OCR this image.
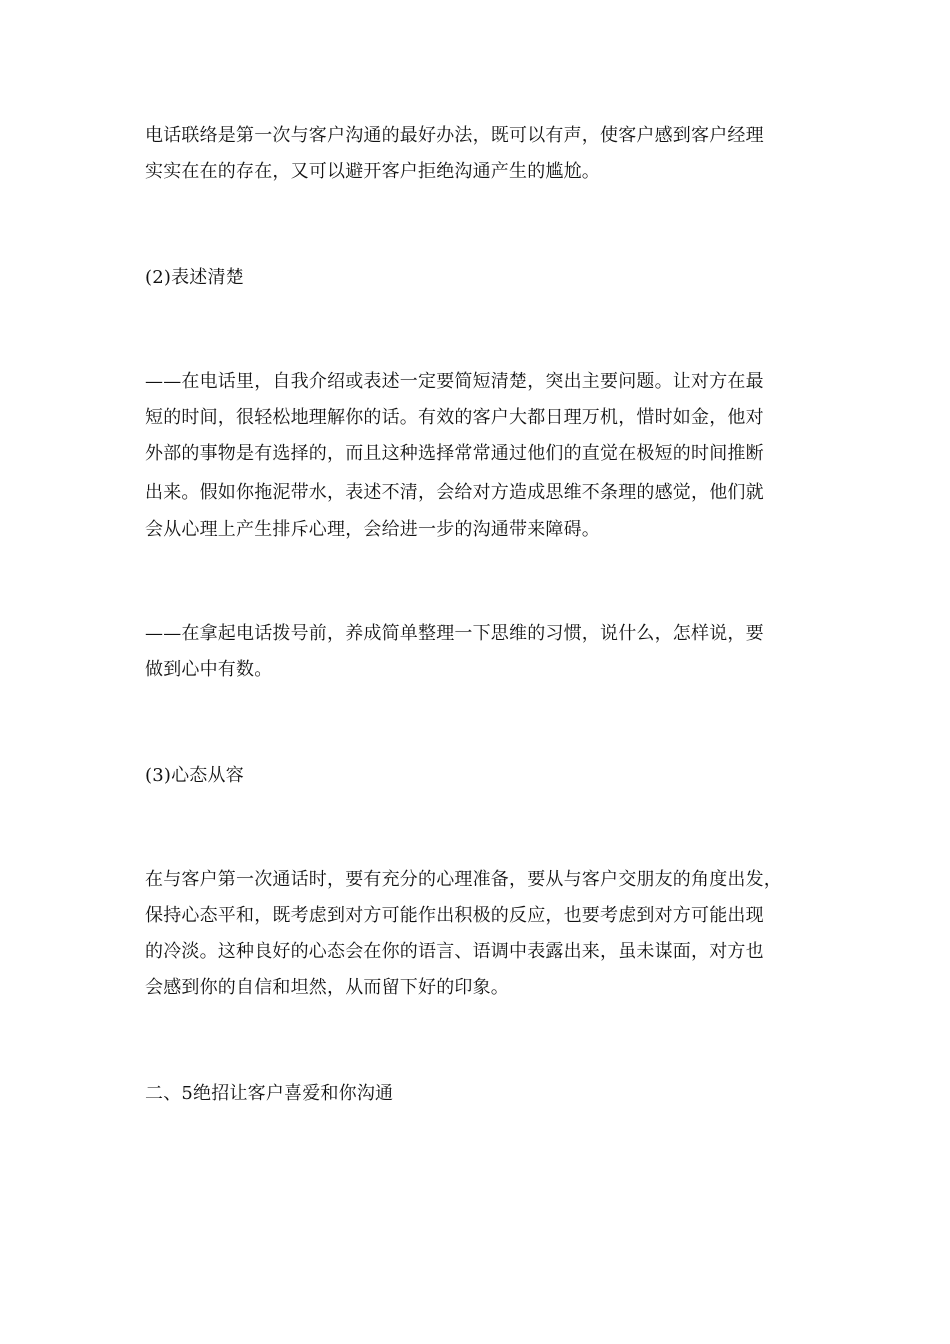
电话联络是第一次与客户沟通的最好办法，既可以有声，使客户感到客户经理
实实在在的存在，又可以避开客户拒绝沟通产生的尴尬。
(2)表述清楚
——在电话里，自我介绍或表述一定要简短清楚，突出主要问题。让对方在最
短的时间，很轻松地理解你的话。有效的客户大都日理万机，惜时如金，他对
外部的事物是有选择的，而且这种选择常常通过他们的直觉在极短的时间推断
出来。假如你拖泥带水，表述不清，会给对方造成思维不条理的感觉，他们就
会从心理上产生排斥心理，会给进一步的沟通带来障碍。
——在拿起电话拨号前，养成简单整理一下思维的习惯，说什么，怎样说，要
做到心中有数。
(3)心态从容
在与客户第一次通话时，要有充分的心理准备，要从与客户交朋友的角度出发，
保持心态平和，既考虑到对方可能作出积极的反应，也要考虑到对方可能出现
的冷淡。这种良好的心态会在你的语言、语调中表露出来，虽未谋面，对方也
会感到你的自信和坦然，从而留下好的印象。
二、5绝招让客户喜爱和你沟通
